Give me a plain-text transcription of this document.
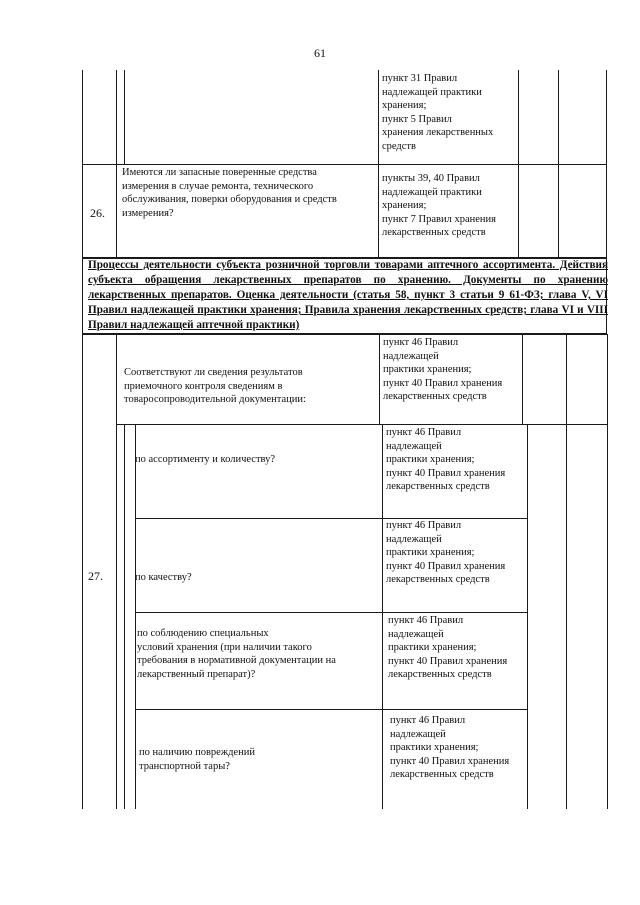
61
пункт 31 Правил
надлежащей практики
хранения;
пункт 5 Правил
хранения лекарственных
средств
26.
Имеются ли запасные поверенные средства
измерения в случае ремонта, технического
обслуживания, поверки оборудования и средств
измерения?
пункты 39, 40 Правил
надлежащей практики
хранения;
пункт 7 Правил хранения
лекарственных средств
Процессы деятельности субъекта розничной торговли товарами аптечного ассортимента. Действия субъекта обращения лекарственных препаратов по хранению. Документы по хранению лекарственных препаратов. Оценка деятельности (статья 58, пункт 3 статьи 9 61-ФЗ; глава V, VI Правил надлежащей практики хранения; Правила хранения лекарственных средств; глава VI и VIII Правил надлежащей аптечной практики)
27.
Соответствуют ли сведения результатов
приемочного контроля сведениям в
товаросопроводительной документации:
пункт 46 Правил
надлежащей
практики хранения;
пункт 40 Правил хранения
лекарственных средств
по ассортименту и количеству?
пункт 46 Правил
надлежащей
практики хранения;
пункт 40 Правил хранения
лекарственных средств
по качеству?
пункт 46 Правил
надлежащей
практики хранения;
пункт 40 Правил хранения
лекарственных средств
по соблюдению специальных
условий хранения (при наличии такого
требования в нормативной документации на
лекарственный препарат)?
пункт 46 Правил
надлежащей
практики хранения;
пункт 40 Правил хранения
лекарственных средств
по наличию повреждений
транспортной тары?
пункт 46 Правил
надлежащей
практики хранения;
пункт 40 Правил хранения
лекарственных средств
